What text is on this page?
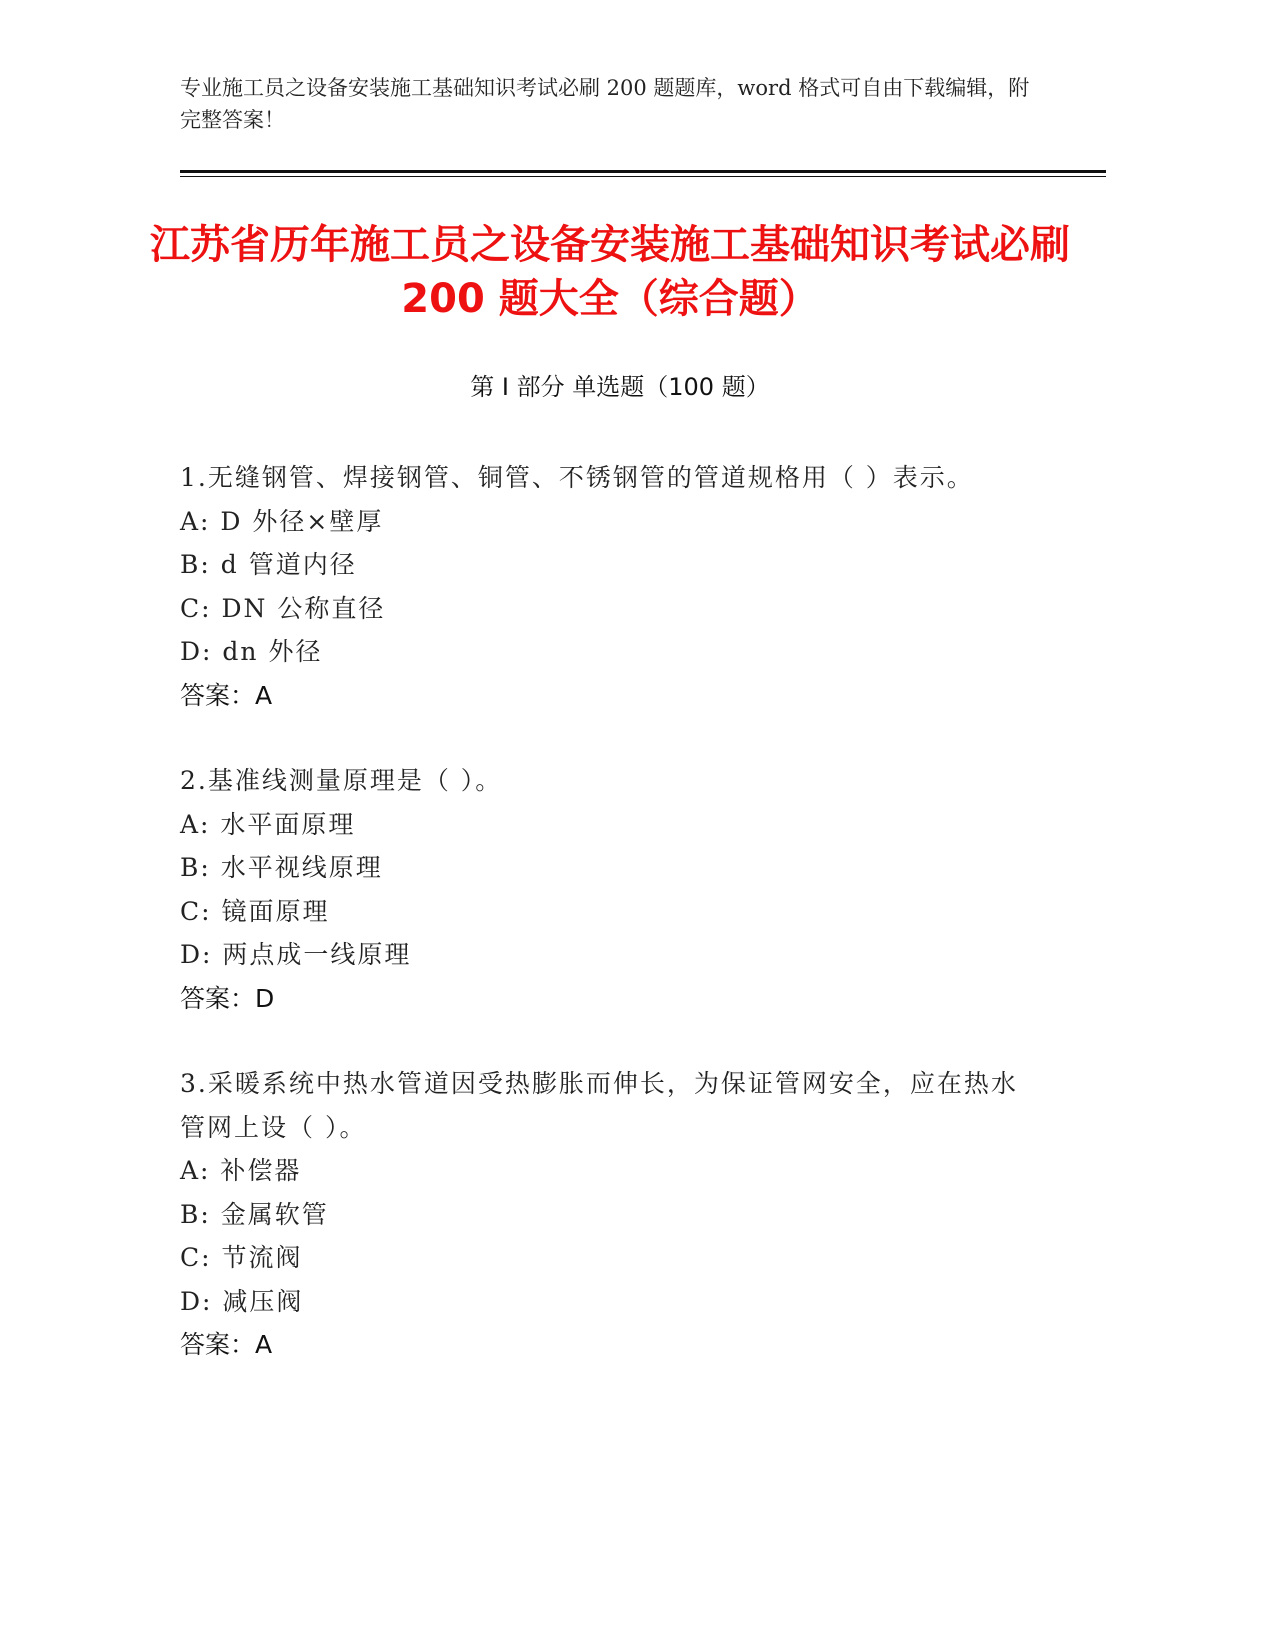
专业施工员之设备安装施工基础知识考试必刷 200 题题库，word 格式可自由下载编辑，附完整答案！
江苏省历年施工员之设备安装施工基础知识考试必刷 200 题大全（综合题）
第 I 部分 单选题（100 题）
1.无缝钢管、焊接钢管、铜管、不锈钢管的管道规格用（ ）表示。
A: D 外径×壁厚
B: d 管道内径
C: DN 公称直径
D: dn 外径
答案：A
2.基准线测量原理是（ ）。
A: 水平面原理
B: 水平视线原理
C: 镜面原理
D: 两点成一线原理
答案：D
3.采暖系统中热水管道因受热膨胀而伸长，为保证管网安全，应在热水管网上设（ ）。
A: 补偿器
B: 金属软管
C: 节流阀
D: 减压阀
答案：A
